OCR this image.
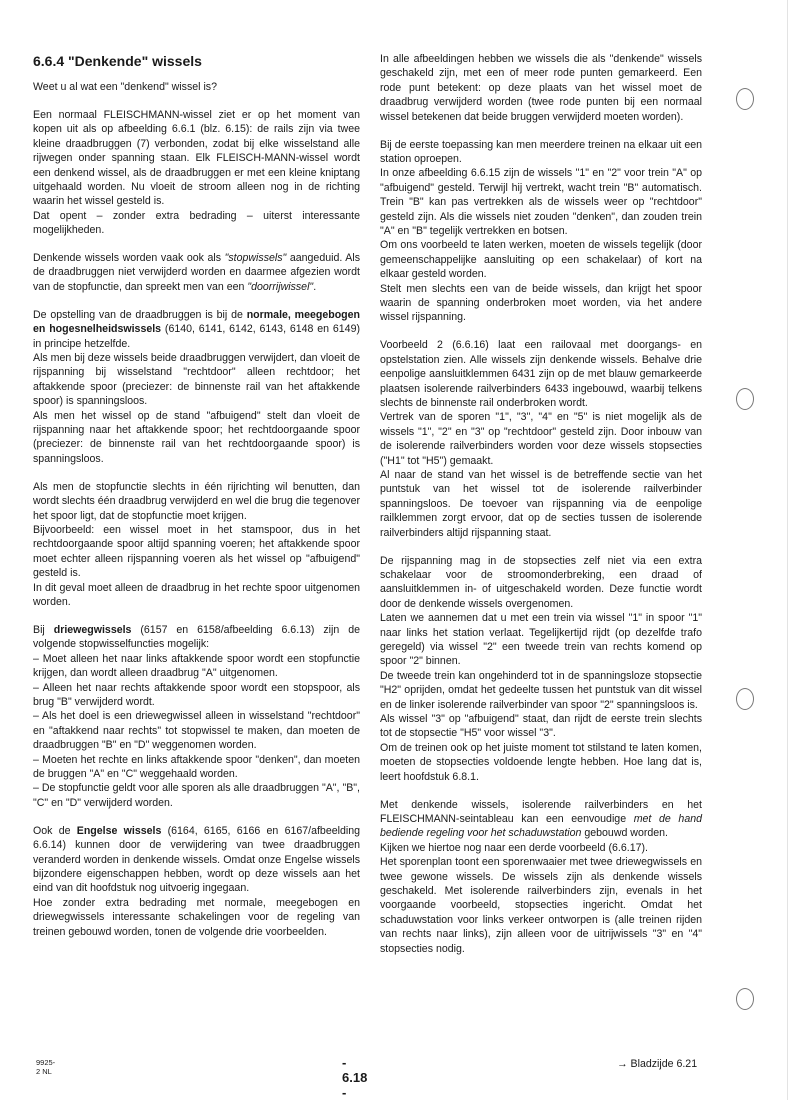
6.6.4 "Denkende" wissels
Weet u al wat een "denkend" wissel is?
Een normaal FLEISCHMANN-wissel ziet er op het moment van kopen uit als op afbeelding 6.6.1 (blz. 6.15): de rails zijn via twee kleine draadbruggen (7) verbonden, zodat bij elke wisselstand alle rijwegen onder spanning staan. Elk FLEISCH-MANN-wissel wordt een denkend wissel, als de draadbruggen er met een kleine kniptang uitgehaald worden. Nu vloeit de stroom alleen nog in de richting waarin het wissel gesteld is.
Dat opent – zonder extra bedrading – uiterst interessante mogelijkheden.
Denkende wissels worden vaak ook als "stopwissels" aangeduid. Als de draadbruggen niet verwijderd worden en daarmee afgezien wordt van de stopfunctie, dan spreekt men van een "doorrijwissel".
De opstelling van de draadbruggen is bij de normale, meegebogen en hogesnelheidswissels (6140, 6141, 6142, 6143, 6148 en 6149) in principe hetzelfde.
Als men bij deze wissels beide draadbruggen verwijdert, dan vloeit de rijspanning bij wisselstand "rechtdoor" alleen rechtdoor; het aftakkende spoor (preciezer: de binnenste rail van het aftakkende spoor) is spanningsloos.
Als men het wissel op de stand "afbuigend" stelt dan vloeit de rijspanning naar het aftakkende spoor; het rechtdoorgaande spoor (preciezer: de binnenste rail van het rechtdoorgaande spoor) is spanningsloos.
Als men de stopfunctie slechts in één rijrichting wil benutten, dan wordt slechts één draadbrug verwijderd en wel die brug die tegenover het spoor ligt, dat de stopfunctie moet krijgen.
Bijvoorbeeld: een wissel moet in het stamspoor, dus in het rechtdoorgaande spoor altijd spanning voeren; het aftakkende spoor moet echter alleen rijspanning voeren als het wissel op "afbuigend" gesteld is.
In dit geval moet alleen de draadbrug in het rechte spoor uitgenomen worden.
Bij driewegwissels (6157 en 6158/afbeelding 6.6.13) zijn de volgende stopwisselfuncties mogelijk:
– Moet alleen het naar links aftakkende spoor wordt een stopfunctie krijgen, dan wordt alleen draadbrug "A" uitgenomen.
– Alleen het naar rechts aftakkende spoor wordt een stopspoor, als brug "B" verwijderd wordt.
– Als het doel is een driewegwissel alleen in wisselstand "rechtdoor" en "aftakkend naar rechts" tot stopwissel te maken, dan moeten de draadbruggen "B" en "D" weggenomen worden.
– Moeten het rechte en links aftakkende spoor "denken", dan moeten de bruggen "A" en "C" weggehaald worden.
– De stopfunctie geldt voor alle sporen als alle draadbruggen "A", "B", "C" en "D" verwijderd worden.
Ook de Engelse wissels (6164, 6165, 6166 en 6167/afbeelding 6.6.14) kunnen door de verwijdering van twee draadbruggen veranderd worden in denkende wissels. Omdat onze Engelse wissels bijzondere eigenschappen hebben, wordt op deze wissels aan het eind van dit hoofdstuk nog uitvoerig ingegaan.
Hoe zonder extra bedrading met normale, meegebogen en driewegwissels interessante schakelingen voor de regeling van treinen gebouwd worden, tonen de volgende drie voorbeelden.
In alle afbeeldingen hebben we wissels die als "denkende" wissels geschakeld zijn, met een of meer rode punten gemarkeerd. Een rode punt betekent: op deze plaats van het wissel moet de draadbrug verwijderd worden (twee rode punten bij een normaal wissel betekenen dat beide bruggen verwijderd moeten worden).
Bij de eerste toepassing kan men meerdere treinen na elkaar uit een station oproepen.
In onze afbeelding 6.6.15 zijn de wissels "1" en "2" voor trein "A" op "afbuigend" gesteld. Terwijl hij vertrekt, wacht trein "B" automatisch. Trein "B" kan pas vertrekken als de wissels weer op "rechtdoor" gesteld zijn. Als die wissels niet zouden "denken", dan zouden trein "A" en "B" tegelijk vertrekken en botsen.
Om ons voorbeeld te laten werken, moeten de wissels tegelijk (door gemeenschappelijke aansluiting op een schakelaar) of kort na elkaar gesteld worden.
Stelt men slechts een van de beide wissels, dan krijgt het spoor waarin de spanning onderbroken moet worden, via het andere wissel rijspanning.
Voorbeeld 2 (6.6.16) laat een railovaal met doorgangs- en opstelstation zien. Alle wissels zijn denkende wissels. Behalve drie eenpolige aansluitklemmen 6431 zijn op de met blauw gemarkeerde plaatsen isolerende railverbinders 6433 ingebouwd, waarbij telkens slechts de binnenste rail onderbroken wordt.
Vertrek van de sporen "1", "3", "4" en "5" is niet mogelijk als de wissels "1", "2" en "3" op "rechtdoor" gesteld zijn. Door inbouw van de isolerende railverbinders worden voor deze wissels stopsecties ("H1" tot "H5") gemaakt.
Al naar de stand van het wissel is de betreffende sectie van het puntstuk van het wissel tot de isolerende railverbinder spanningsloos. De toevoer van rijspanning via de eenpolige railklemmen zorgt ervoor, dat op de secties tussen de isolerende railverbinders altijd rijspanning staat.
De rijspanning mag in de stopsecties zelf niet via een extra schakelaar voor de stroomonderbreking, een draad of aansluitklemmen in- of uitgeschakeld worden. Deze functie wordt door de denkende wissels overgenomen.
Laten we aannemen dat u met een trein via wissel "1" in spoor "1" naar links het station verlaat. Tegelijkertijd rijdt (op dezelfde trafo geregeld) via wissel "2" een tweede trein van rechts komend op spoor "2" binnen.
De tweede trein kan ongehinderd tot in de spanningsloze stopsectie "H2" oprijden, omdat het gedeelte tussen het puntstuk van dit wissel en de linker isolerende railverbinder van spoor "2" spanningsloos is.
Als wissel "3" op "afbuigend" staat, dan rijdt de eerste trein slechts tot de stopsectie "H5" voor wissel "3".
Om de treinen ook op het juiste moment tot stilstand te laten komen, moeten de stopsecties voldoende lengte hebben. Hoe lang dat is, leert hoofdstuk 6.8.1.
Met denkende wissels, isolerende railverbinders en het FLEISCHMANN-seintableau kan een eenvoudige met de hand bediende regeling voor het schaduwstation gebouwd worden.
Kijken we hiertoe nog naar een derde voorbeeld (6.6.17).
Het sporenplan toont een sporenwaaier met twee driewegwissels en twee gewone wissels. De wissels zijn als denkende wissels geschakeld. Met isolerende railverbinders zijn, evenals in het voorgaande voorbeeld, stopsecties ingericht. Omdat het schaduwstation voor links verkeer ontworpen is (alle treinen rijden van rechts naar links), zijn alleen voor de uitrijwissels "3" en "4" stopsecties nodig.
9925-2 NL
- 6.18 -
→ Bladzijde 6.21
